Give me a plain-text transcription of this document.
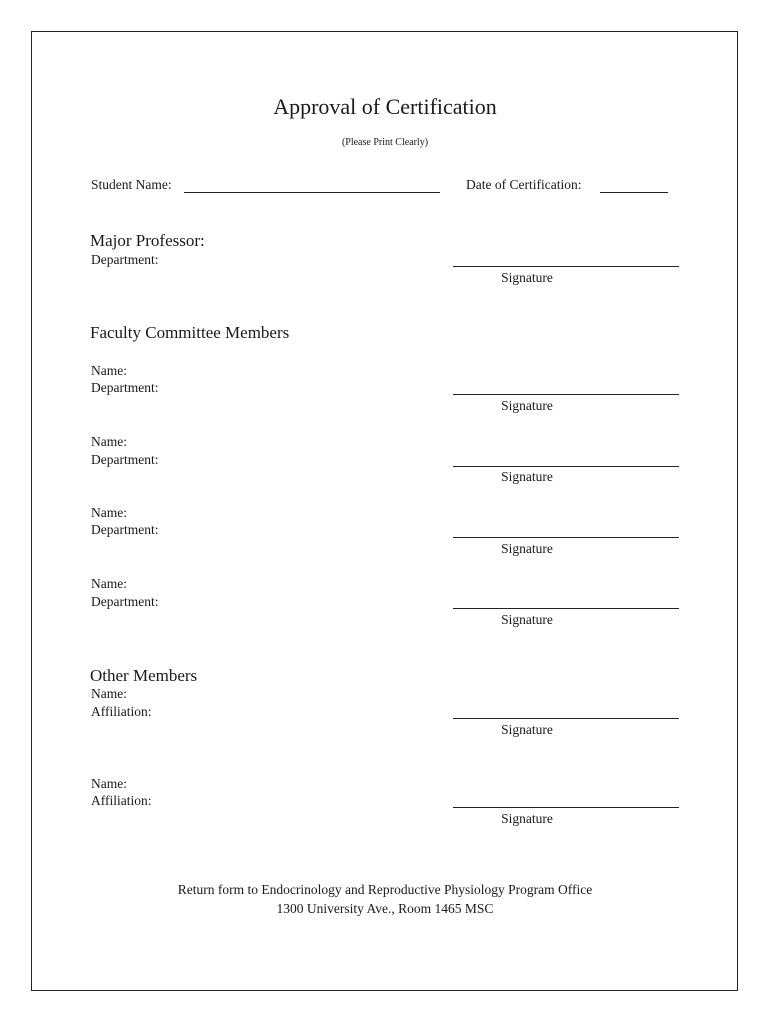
Approval of Certification
(Please Print Clearly)
Student Name:	Date of Certification:
Major Professor:
Department:
Signature
Faculty Committee Members
Name:
Department:
Signature
Name:
Department:
Signature
Name:
Department:
Signature
Name:
Department:
Signature
Other Members
Name:
Affiliation:
Signature
Name:
Affiliation:
Signature
Return form to Endocrinology and Reproductive Physiology Program Office
1300 University Ave., Room 1465 MSC
